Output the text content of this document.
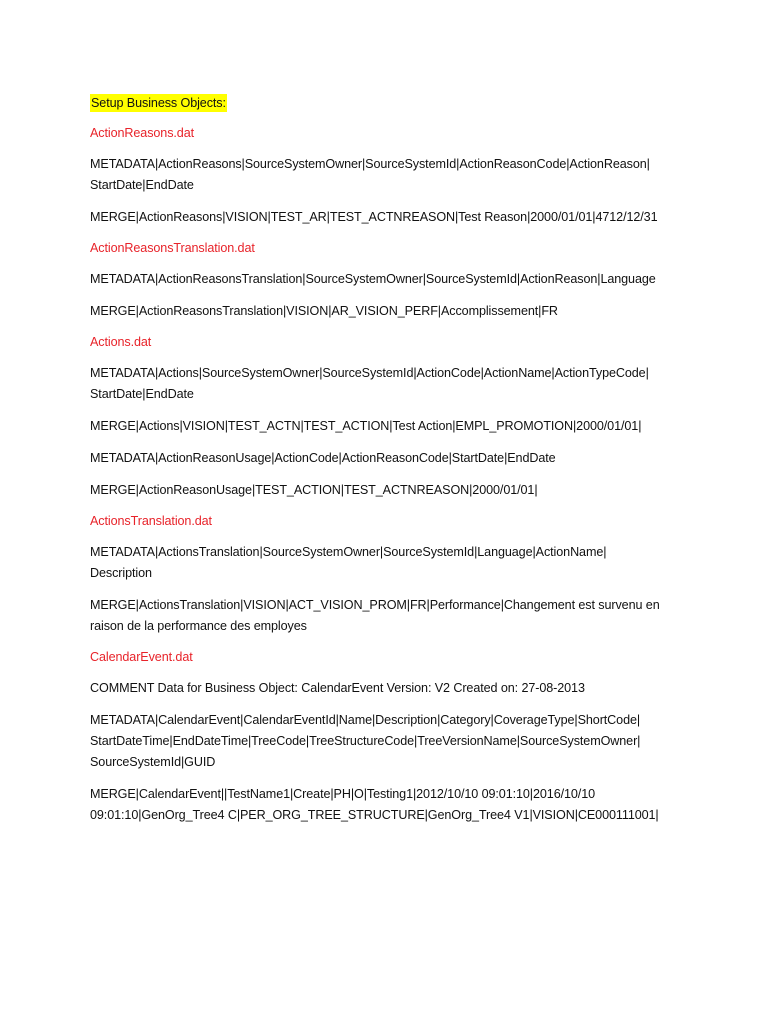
Setup Business Objects:
ActionReasons.dat
METADATA|ActionReasons|SourceSystemOwner|SourceSystemId|ActionReasonCode|ActionReason|
StartDate|EndDate
MERGE|ActionReasons|VISION|TEST_AR|TEST_ACTNREASON|Test Reason|2000/01/01|4712/12/31
ActionReasonsTranslation.dat
METADATA|ActionReasonsTranslation|SourceSystemOwner|SourceSystemId|ActionReason|Language
MERGE|ActionReasonsTranslation|VISION|AR_VISION_PERF|Accomplissement|FR
Actions.dat
METADATA|Actions|SourceSystemOwner|SourceSystemId|ActionCode|ActionName|ActionTypeCode|
StartDate|EndDate
MERGE|Actions|VISION|TEST_ACTN|TEST_ACTION|Test Action|EMPL_PROMOTION|2000/01/01|
METADATA|ActionReasonUsage|ActionCode|ActionReasonCode|StartDate|EndDate
MERGE|ActionReasonUsage|TEST_ACTION|TEST_ACTNREASON|2000/01/01|
ActionsTranslation.dat
METADATA|ActionsTranslation|SourceSystemOwner|SourceSystemId|Language|ActionName|
Description
MERGE|ActionsTranslation|VISION|ACT_VISION_PROM|FR|Performance|Changement est survenu en
raison de la performance des employes
CalendarEvent.dat
COMMENT Data for Business Object: CalendarEvent Version: V2 Created on: 27-08-2013
METADATA|CalendarEvent|CalendarEventId|Name|Description|Category|CoverageType|ShortCode|
StartDateTime|EndDateTime|TreeCode|TreeStructureCode|TreeVersionName|SourceSystemOwner|
SourceSystemId|GUID
MERGE|CalendarEvent||TestName1|Create|PH|O|Testing1|2012/10/10 09:01:10|2016/10/10
09:01:10|GenOrg_Tree4 C|PER_ORG_TREE_STRUCTURE|GenOrg_Tree4 V1|VISION|CE000111001|
